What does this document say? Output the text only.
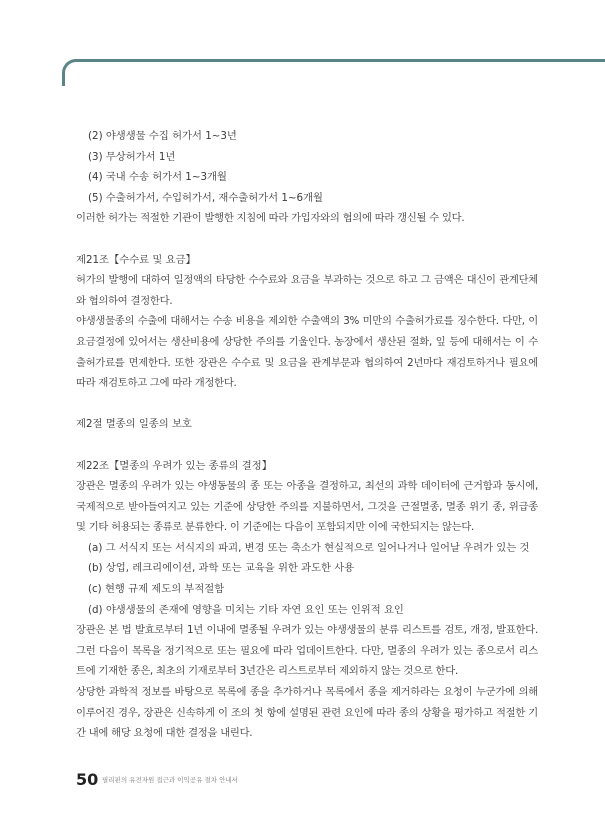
(2) 야생생물 수집 허가서 1~3년
(3) 무상허가서 1년
(4) 국내 수송 허가서 1~3개월
(5) 수출허가서, 수입허가서, 재수출허가서 1~6개월
이러한 허가는 적절한 기관이 발행한 지침에 따라 가입자와의 협의에 따라 갱신될 수 있다.
제21조【수수료 및 요금】
허가의 발행에 대하여 일정액의 타당한 수수료와 요금을 부과하는 것으로 하고 그 금액은 대신이 관계단체와 협의하여 결정한다.
야생생물종의 수출에 대해서는 수송 비용을 제외한 수출액의 3% 미만의 수출허가료를 징수한다. 다만, 이 요금결정에 있어서는 생산비용에 상당한 주의를 기울인다. 농장에서 생산된 절화, 잎 등에 대해서는 이 수출허가료를 면제한다. 또한 장관은 수수료 및 요금을 관계부문과 협의하여 2년마다 재검토하거나 필요에 따라 재검토하고 그에 따라 개정한다.
제2절 멸종의 일종의 보호
제22조【멸종의 우려가 있는 종류의 결정】
장관은 멸종의 우려가 있는 야생동물의 종 또는 아종을 결정하고, 최선의 과학 데이터에 근거함과 동시에, 국제적으로 받아들여지고 있는 기준에 상당한 주의를 지불하면서, 그것을 근절멸종, 멸종 위기 종, 위급종 및 기타 허용되는 종류로 분류한다. 이 기준에는 다음이 포함되지만 이에 국한되지는 않는다.
(a) 그 서식지 또는 서식지의 파괴, 변경 또는 축소가 현실적으로 일어나거나 일어날 우려가 있는 것
(b) 상업, 레크리에이션, 과학 또는 교육을 위한 과도한 사용
(c) 현행 규제 제도의 부적절함
(d) 야생생물의 존재에 영향을 미치는 기타 자연 요인 또는 인위적 요인
장관은 본 법 발효로부터 1년 이내에 멸종될 우려가 있는 야생생물의 분류 리스트를 검토, 개정, 발표한다. 그런 다음이 목록을 정기적으로 또는 필요에 따라 업데이트한다. 다만, 멸종의 우려가 있는 종으로서 리스트에 기재한 종은, 최초의 기재로부터 3년간은 리스트로부터 제외하지 않는 것으로 한다.
상당한 과학적 정보를 바탕으로 목록에 종을 추가하거나 목록에서 종을 제거하라는 요청이 누군가에 의해 이루어진 경우, 장관은 신속하게 이 조의 첫 항에 설명된 관련 요인에 따라 종의 상황을 평가하고 적절한 기간 내에 해당 요청에 대한 결정을 내린다.
50 필리핀의 유전자원 접근과 이익공유 절차 안내서
